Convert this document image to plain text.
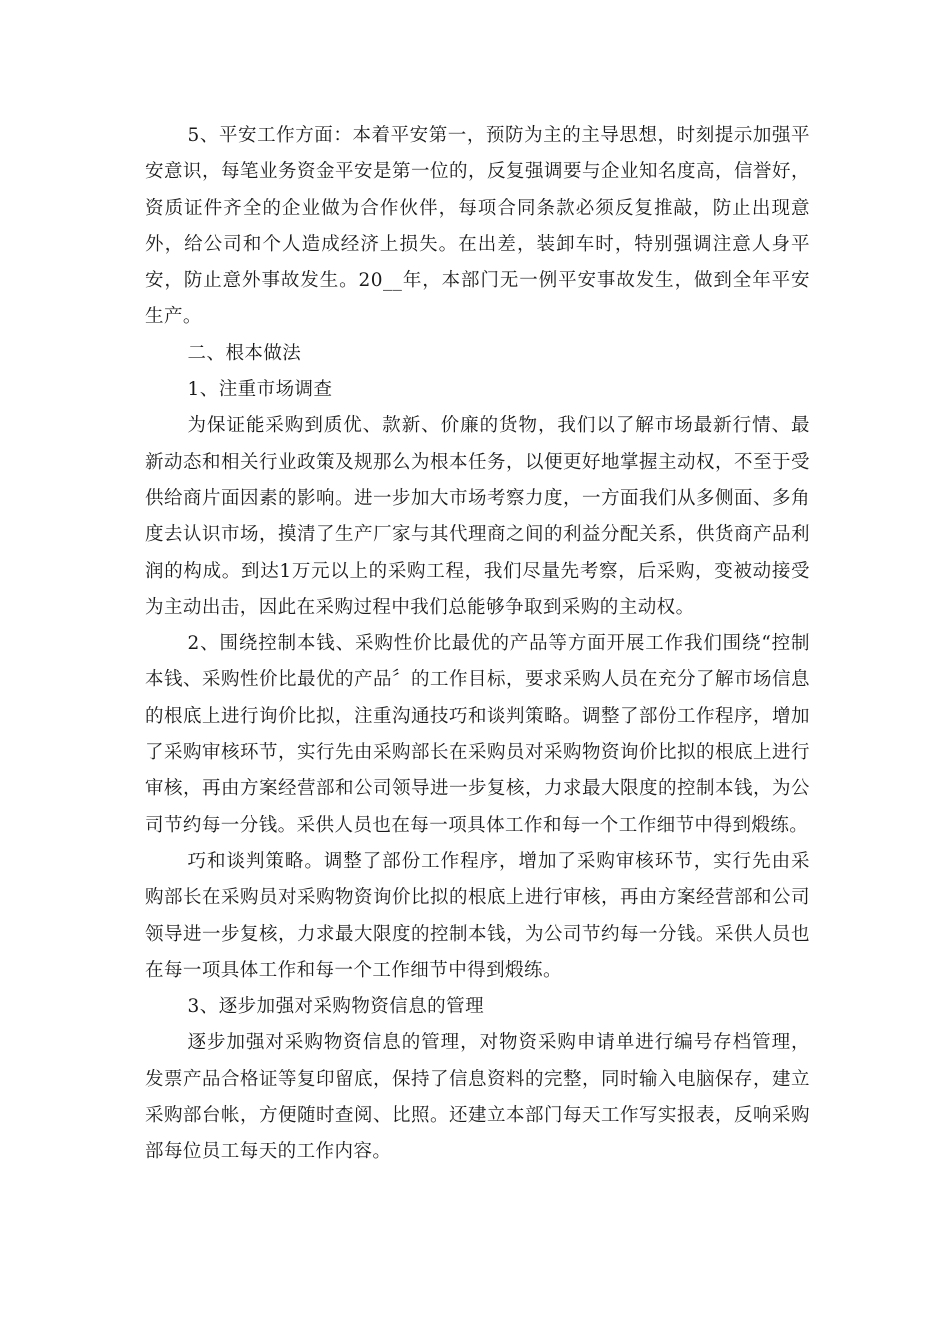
5、平安工作方面：本着平安第一，预防为主的主导思想，时刻提示加强平安意识，每笔业务资金平安是第一位的，反复强调要与企业知名度高，信誉好，资质证件齐全的企业做为合作伙伴，每项合同条款必须反复推敲，防止出现意外，给公司和个人造成经济上损失。在出差，装卸车时，特别强调注意人身平安，防止意外事故发生。20__年，本部门无一例平安事故发生，做到全年平安生产。

二、根本做法

1、注重市场调查

为保证能采购到质优、款新、价廉的货物，我们以了解市场最新行情、最新动态和相关行业政策及规那么为根本任务，以便更好地掌握主动权，不至于受供给商片面因素的影响。进一步加大市场考察力度，一方面我们从多侧面、多角度去认识市场，摸清了生产厂家与其代理商之间的利益分配关系，供货商产品利润的构成。到达1万元以上的采购工程，我们尽量先考察，后采购，变被动接受为主动出击，因此在采购过程中我们总能够争取到采购的主动权。

2、围绕控制本钱、采购性价比最优的产品等方面开展工作我们围绕“控制本钱、采购性价比最优的产品〞的工作目标，要求采购人员在充分了解市场信息的根底上进行询价比拟，注重沟通技巧和谈判策略。调整了部份工作程序，增加了采购审核环节，实行先由采购部长在采购员对采购物资询价比拟的根底上进行审核，再由方案经营部和公司领导进一步复核，力求最大限度的控制本钱，为公司节约每一分钱。采供人员也在每一项具体工作和每一个工作细节中得到煅练。

巧和谈判策略。调整了部份工作程序，增加了采购审核环节，实行先由采购部长在采购员对采购物资询价比拟的根底上进行审核，再由方案经营部和公司领导进一步复核，力求最大限度的控制本钱，为公司节约每一分钱。采供人员也在每一项具体工作和每一个工作细节中得到煅练。

3、逐步加强对采购物资信息的管理

逐步加强对采购物资信息的管理，对物资采购申请单进行编号存档管理，发票产品合格证等复印留底，保持了信息资料的完整，同时输入电脑保存，建立采购部台帐，方便随时查阅、比照。还建立本部门每天工作写实报表，反响采购部每位员工每天的工作内容。
